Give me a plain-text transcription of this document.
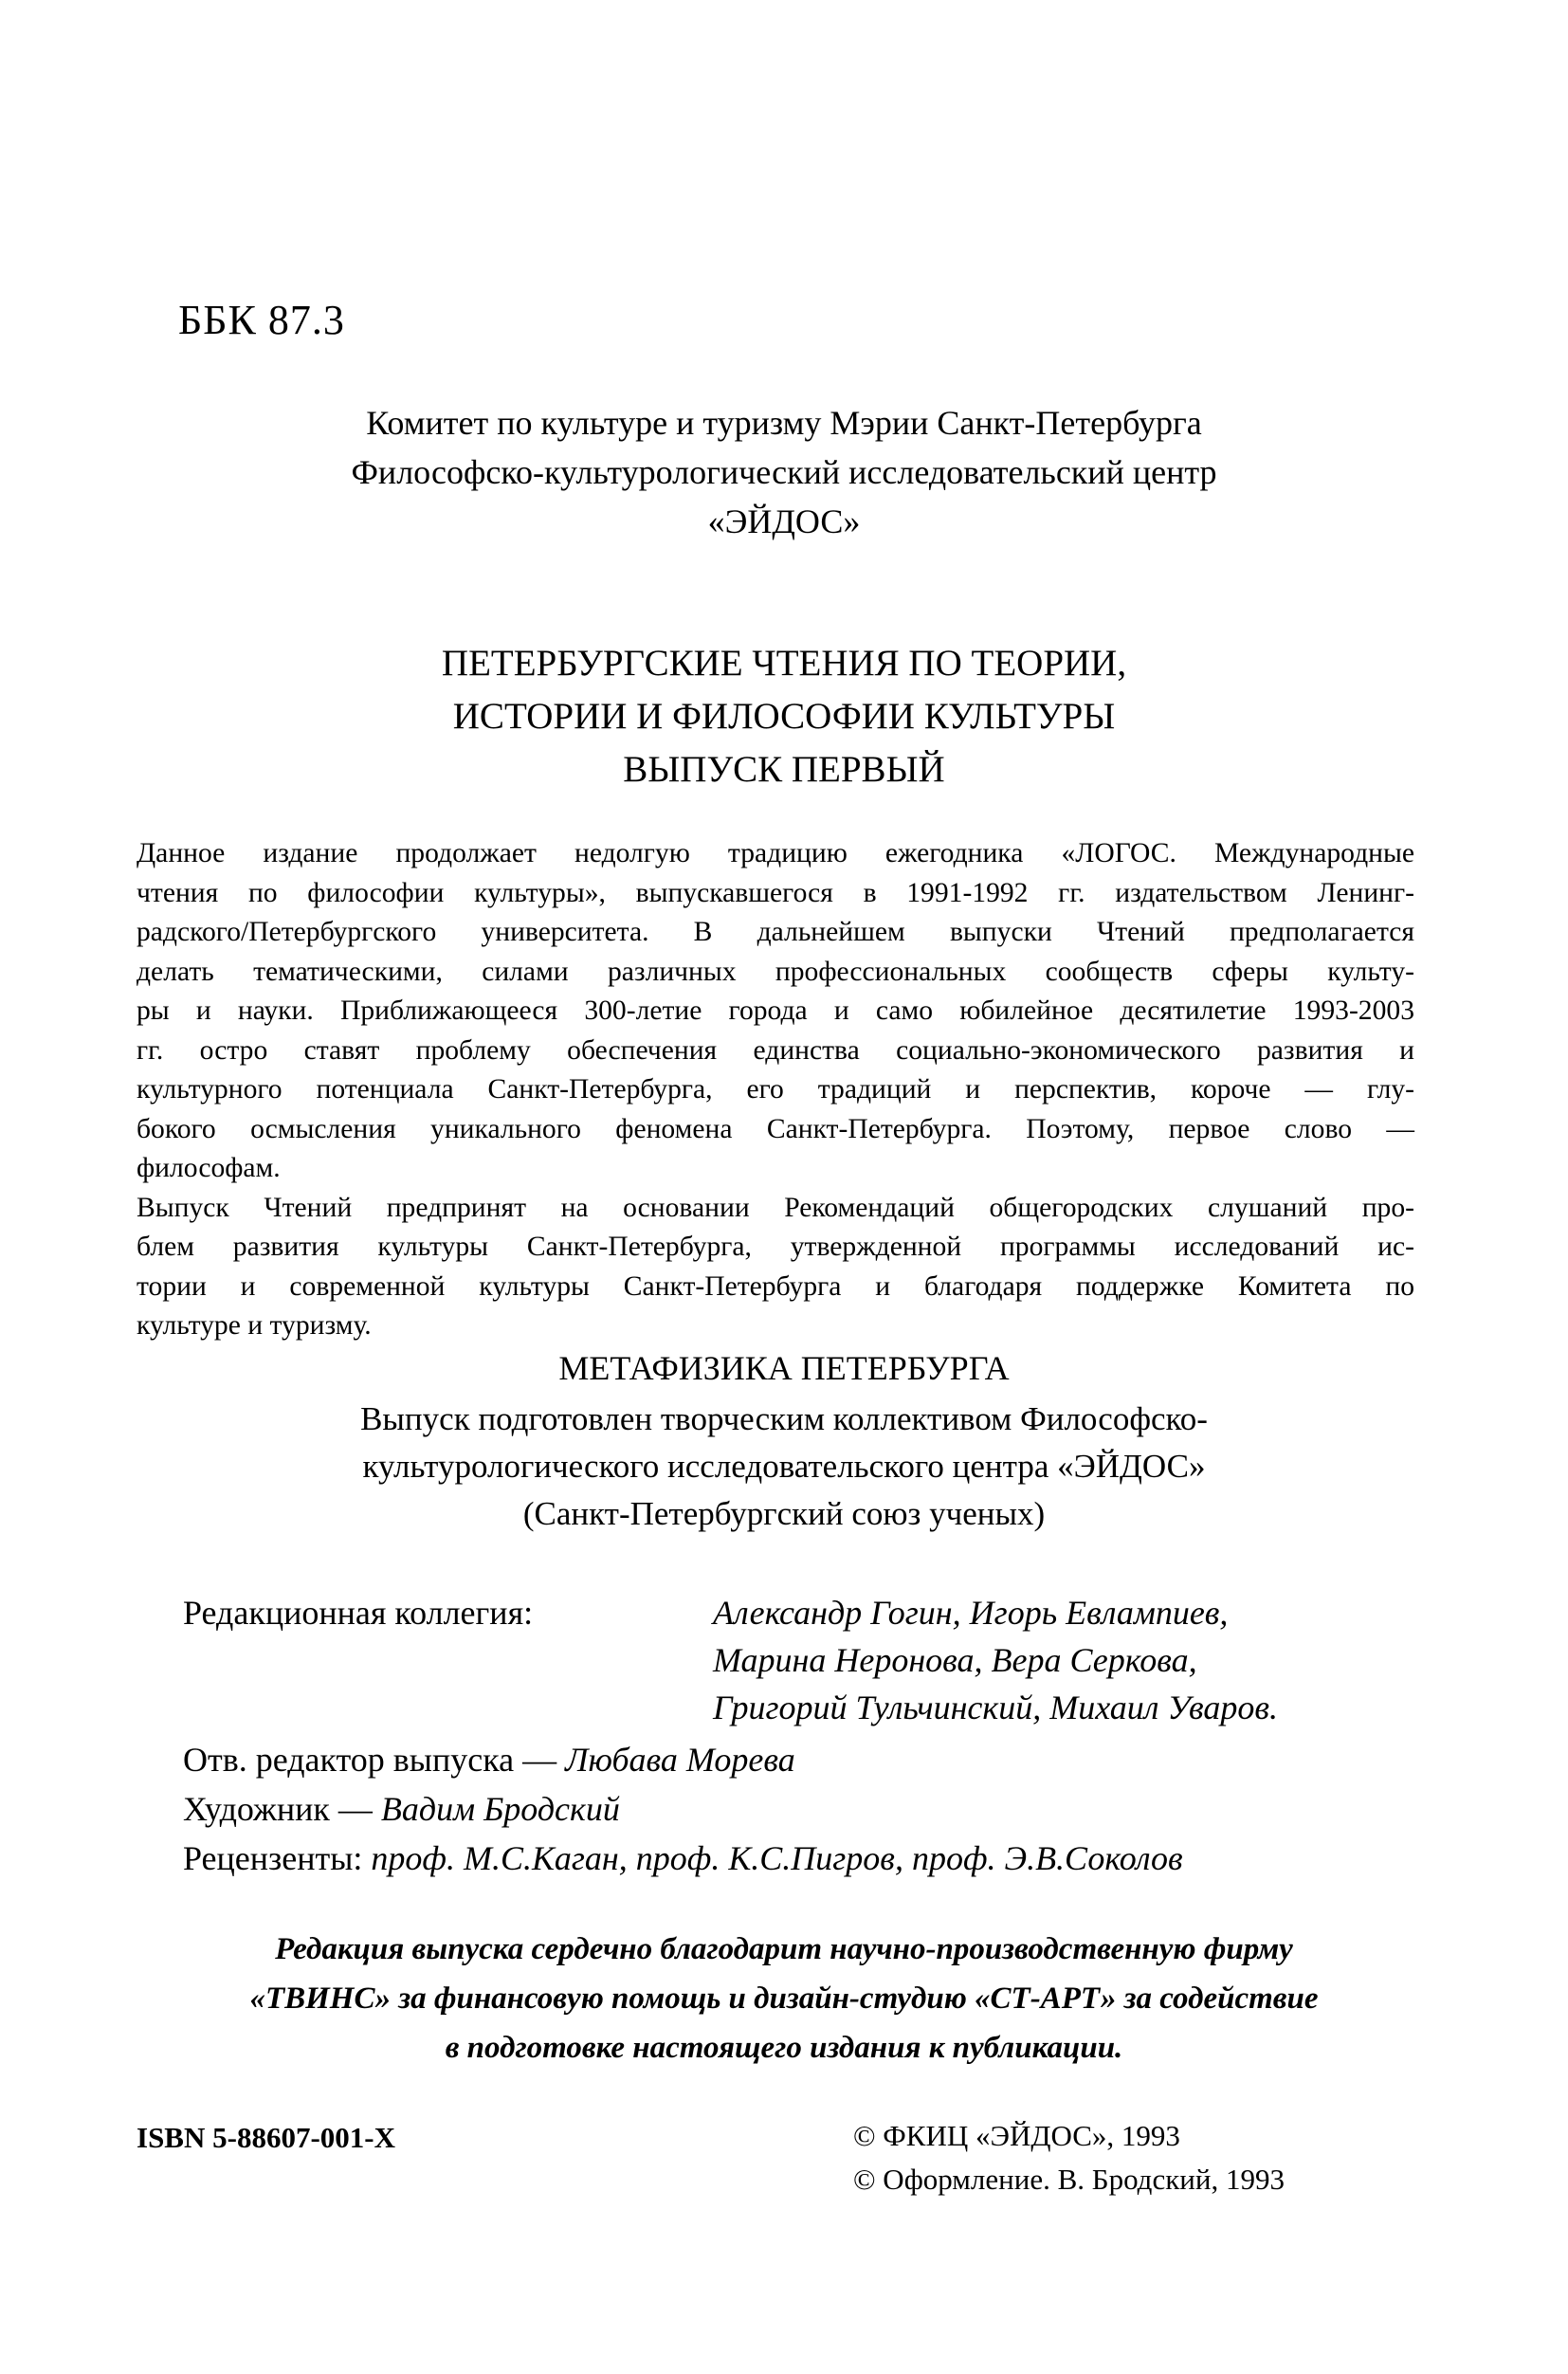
ББК 87.3
Комитет по культуре и туризму Мэрии Санкт-Петербурга
Философско-культурологический исследовательский центр
«ЭЙДОС»
ПЕТЕРБУРГСКИЕ ЧТЕНИЯ ПО ТЕОРИИ,
ИСТОРИИ И ФИЛОСОФИИ КУЛЬТУРЫ
ВЫПУСК ПЕРВЫЙ
Данное издание продолжает недолгую традицию ежегодника «ЛОГОС. Международные
чтения по философии культуры», выпускавшегося в 1991-1992 гг. издательством Ленинг-
радского/Петербургского университета. В дальнейшем выпуски Чтений предполагается
делать тематическими, силами различных профессиональных сообществ сферы культу-
ры и науки. Приближающееся 300-летие города и само юбилейное десятилетие 1993-2003
гг. остро ставят проблему обеспечения единства социально-экономического развития и
культурного потенциала Санкт-Петербурга, его традиций и перспектив, короче — глу-
бокого осмысления уникального феномена Санкт-Петербурга. Поэтому, первое слово —
философам.
Выпуск Чтений предпринят на основании Рекомендаций общегородских слушаний про-
блем развития культуры Санкт-Петербурга, утвержденной программы исследований ис-
тории и современной культуры Санкт-Петербурга и благодаря поддержке Комитета по
культуре и туризму.
МЕТАФИЗИКА ПЕТЕРБУРГА
Выпуск подготовлен творческим коллективом Философско-
культурологического исследовательского центра «ЭЙДОС»
(Санкт-Петербургский союз ученых)
Редакционная коллегия:	Александр Гогин, Игорь Евлампиев,
Марина Неронова, Вера Серкова,
Григорий Тульчинский, Михаил Уваров.
Отв. редактор выпуска — Любава Морева
Художник — Вадим Бродский
Рецензенты: проф. М.С.Каган, проф. К.С.Пигров, проф. Э.В.Соколов
Редакция выпуска сердечно благодарит научно-производственную фирму
«ТВИНС» за финансовую помощь и дизайн-студию «СТ-АРТ» за содействие
в подготовке настоящего издания к публикации.
ISBN 5-88607-001-X	© ФКИЦ «ЭЙДОС», 1993
© Оформление. В. Бродский, 1993
